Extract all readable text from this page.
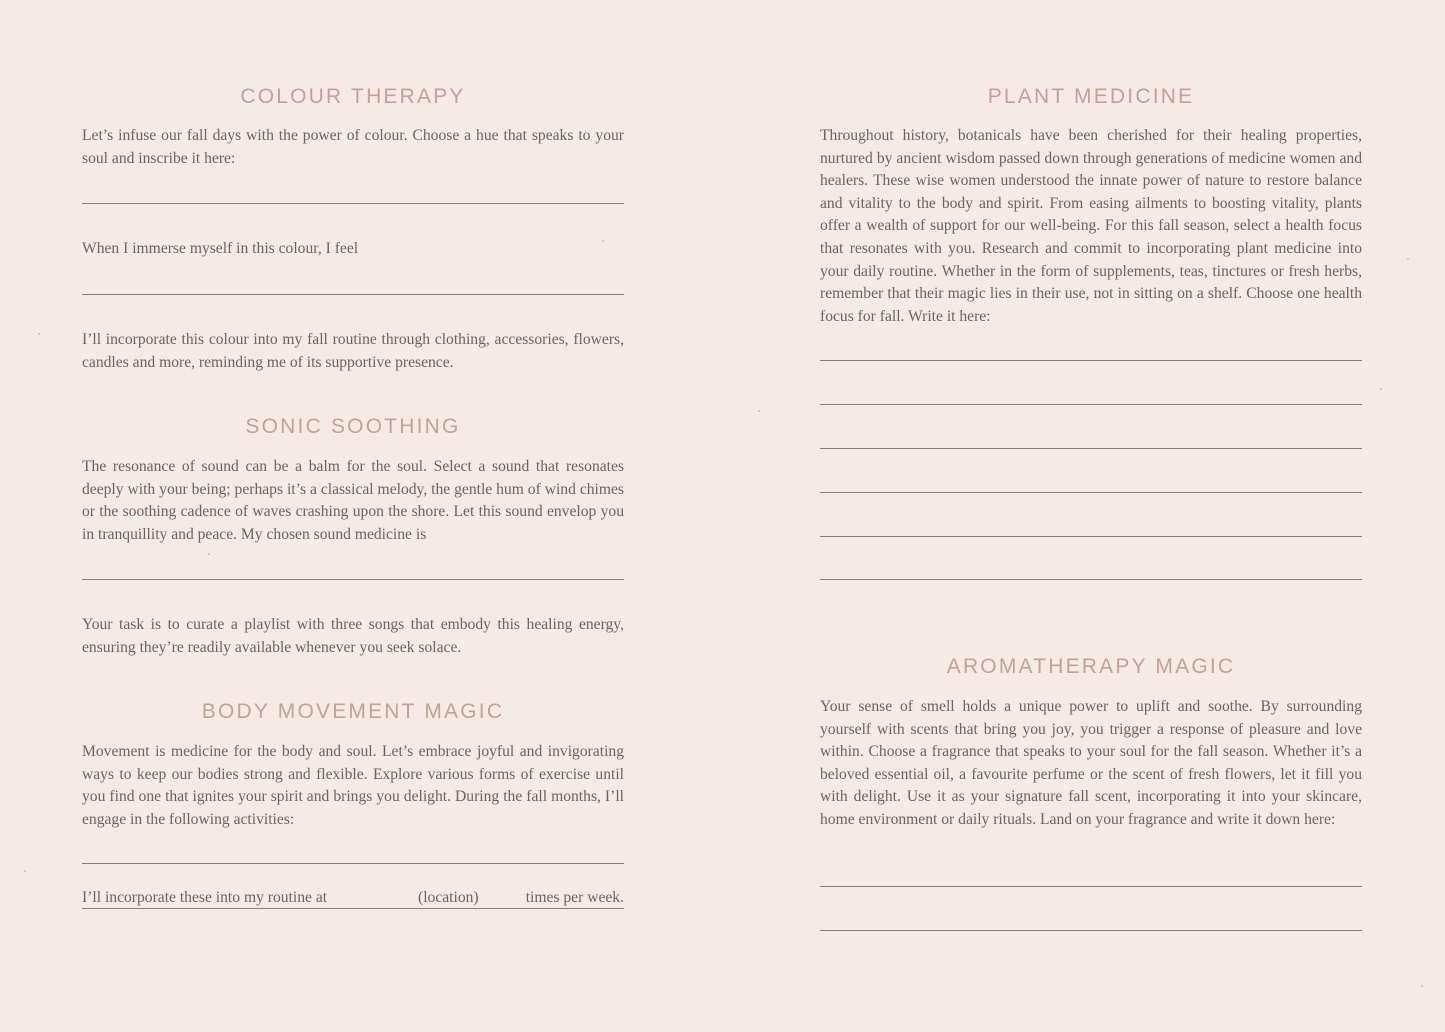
COLOUR THERAPY

Let’s infuse our fall days with the power of colour. Choose a hue that speaks to your soul and inscribe it here:

When I immerse myself in this colour, I feel

I’ll incorporate this colour into my fall routine through clothing, accessories, flowers, candles and more, reminding me of its supportive presence.

SONIC SOOTHING

The resonance of sound can be a balm for the soul. Select a sound that resonates deeply with your being; perhaps it’s a classical melody, the gentle hum of wind chimes or the soothing cadence of waves crashing upon the shore. Let this sound envelop you in tranquillity and peace. My chosen sound medicine is

Your task is to curate a playlist with three songs that embody this healing energy, ensuring they’re readily available whenever you seek solace.

BODY MOVEMENT MAGIC

Movement is medicine for the body and soul. Let’s embrace joyful and invigorating ways to keep our bodies strong and flexible. Explore various forms of exercise until you find one that ignites your spirit and brings you delight. During the fall months, I’ll engage in the following activities:

I’ll incorporate these into my routine at	(location)	times per week.
PLANT MEDICINE

Throughout history, botanicals have been cherished for their healing properties, nurtured by ancient wisdom passed down through generations of medicine women and healers. These wise women understood the innate power of nature to restore balance and vitality to the body and spirit. From easing ailments to boosting vitality, plants offer a wealth of support for our well-being. For this fall season, select a health focus that resonates with you. Research and commit to incorporating plant medicine into your daily routine. Whether in the form of supplements, teas, tinctures or fresh herbs, remember that their magic lies in their use, not in sitting on a shelf. Choose one health focus for fall. Write it here:

AROMATHERAPY MAGIC

Your sense of smell holds a unique power to uplift and soothe. By surrounding yourself with scents that bring you joy, you trigger a response of pleasure and love within. Choose a fragrance that speaks to your soul for the fall season. Whether it’s a beloved essential oil, a favourite perfume or the scent of fresh flowers, let it fill you with delight. Use it as your signature fall scent, incorporating it into your skincare, home environment or daily rituals. Land on your fragrance and write it down here:
